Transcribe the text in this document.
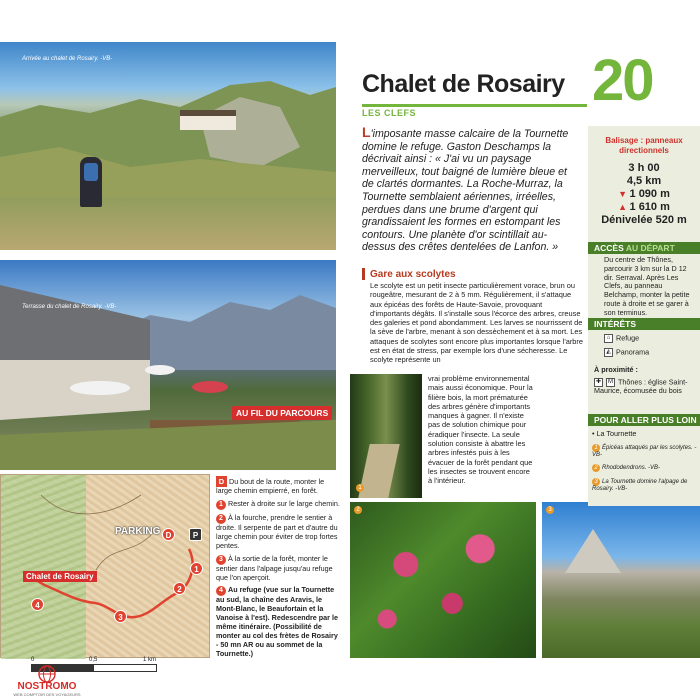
Arrivée au chalet de Rosairy. -VB-
Terrasse du chalet de Rosairy. -VB-
AU FIL DU PARCOURS
1
2	3
45
PARKING D	P
1
2
3
4
Chalet de Rosairy
0	0,5	1 km

D Du bout de la route, monter le large chemin empierré, en forêt.

1 Rester à droite sur le large chemin.

2 À la fourche, prendre le sentier à droite. Il serpente de part et d'autre du large chemin pour éviter de trop fortes pentes.

3 À la sortie de la forêt, monter le sentier dans l'alpage jusqu'au refuge que l'on aperçoit.

4 Au refuge (vue sur la Tournette au sud, la chaîne des Aravis, le Mont-Blanc, le Beaufortain et la Vanoise à l'est). Redescendre par le même itinéraire. (Possibilité de monter au col des frètes de Rosairy - 50 mn AR ou au sommet de la Tournette.)

20
Chalet de Rosairy
LES CLEFS
L'imposante masse calcaire de la Tournette domine le refuge. Gaston Deschamps la décrivait ainsi : « J'ai vu un paysage merveilleux, tout baigné de lumière bleue et de clartés dormantes. La Roche-Murraz, la Tournette semblaient aériennes, irréelles, perdues dans une brume d'argent qui grandissaient les formes en estompant les contours. Une planète d'or scintillait au-dessus des crêtes dentelées de Lanfon. »
Gare aux scolytes
Le scolyte est un petit insecte particulièrement vorace, brun ou rougeâtre, mesurant de 2 à 5 mm. Régulièrement, il s'attaque aux épicéas des forêts de Haute-Savoie, provoquant d'importants dégâts. Il s'installe sous l'écorce des arbres, creuse des galeries et pond abondamment. Les larves se nourrissent de la sève de l'arbre, menant à son dessèchement et à sa mort. Les attaques de scolytes sont encore plus importantes lorsque l'arbre est en état de stress, par exemple lors d'une sécheresse. Le scolyte représente un
vrai problème environnemental mais aussi économique. Pour la filière bois, la mort prématurée des arbres génère d'importants manques à gagner. Il n'existe pas de solution chimique pour éradiquer l'insecte. La seule solution consiste à abattre les arbres infestés puis à les évacuer de la forêt pendant que les insectes se trouvent encore à l'intérieur.
Balisage : panneaux directionnels
3 h 00
4,5 km
▼ 1 090 m
▲ 1 610 m
Dénivelée 520 m
ACCÈS AU DÉPART
Du centre de Thônes, parcourir 3 km sur la D 12 dir. Serraval. Après Les Clefs, au panneau Belchamp, monter la petite route à droite et se garer à son terminus.
INTÉRÊTS
⌂ Refuge
◭ Panorama
À proximité :
✚ M Thônes : église Saint-Maurice, écomusée du bois
POUR ALLER PLUS LOIN
• La Tournette
1 Épicéas attaqués par les scolytes. -VB-
2 Rhododendrons. -VB-
3 La Tournette domine l'alpage de Rosairy. -VB-
NOSTROMO
WEB COMPTOIR DES VOYAGEURS
